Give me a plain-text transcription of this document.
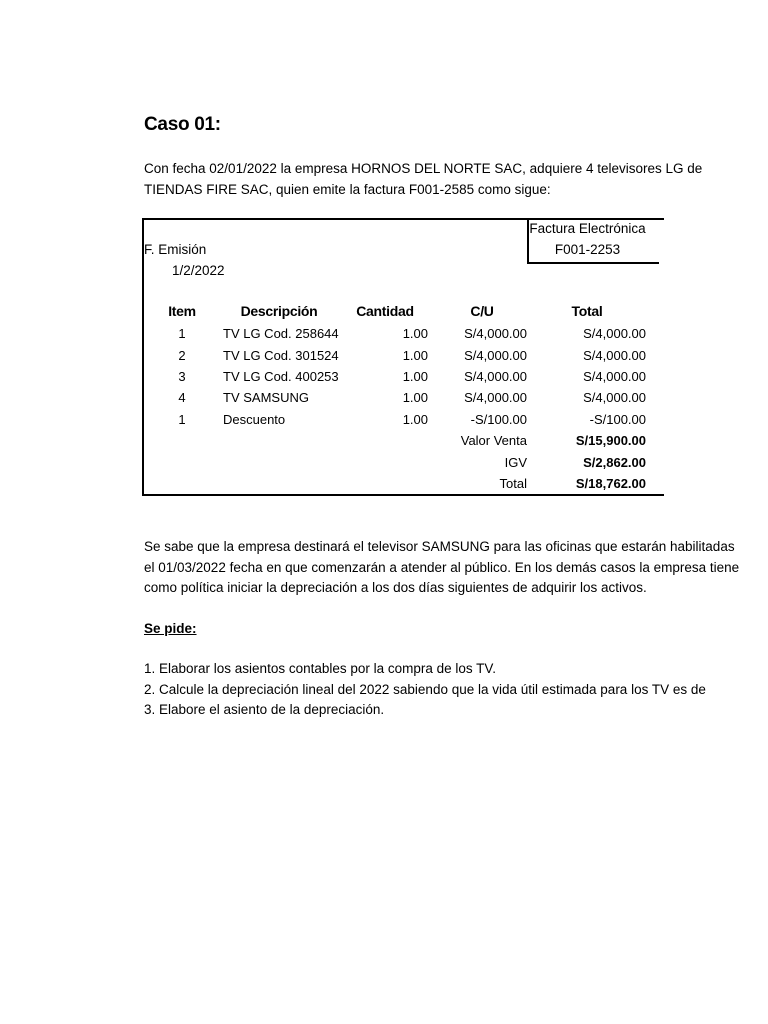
Caso 01:
Con fecha 02/01/2022 la empresa HORNOS DEL NORTE SAC, adquiere 4 televisores LG de
TIENDAS FIRE SAC, quien emite la factura F001-2585 como sigue:
Factura Electrónica
F001-2253
F. Emisión
1/2/2022
Item	Descripción	Cantidad	C/U	Total
1	TV LG Cod. 258644	1.00	S/4,000.00	S/4,000.00
2	TV LG Cod. 301524	1.00	S/4,000.00	S/4,000.00
3	TV LG Cod. 400253	1.00	S/4,000.00	S/4,000.00
4	TV SAMSUNG	1.00	S/4,000.00	S/4,000.00
1	Descuento	1.00	-S/100.00	-S/100.00
Valor Venta	S/15,900.00
IGV	S/2,862.00
Total	S/18,762.00
Se sabe que la empresa destinará el televisor SAMSUNG para las oficinas que estarán habilitadas
el 01/03/2022 fecha en que comenzarán a atender al público. En los demás casos la empresa tiene
como política iniciar la depreciación a los dos días siguientes de adquirir los activos.
Se pide:
1. Elaborar los asientos contables por la compra de los TV.
2. Calcule la depreciación lineal del 2022 sabiendo que la vida útil estimada para los TV es de
3. Elabore el asiento de la depreciación.
